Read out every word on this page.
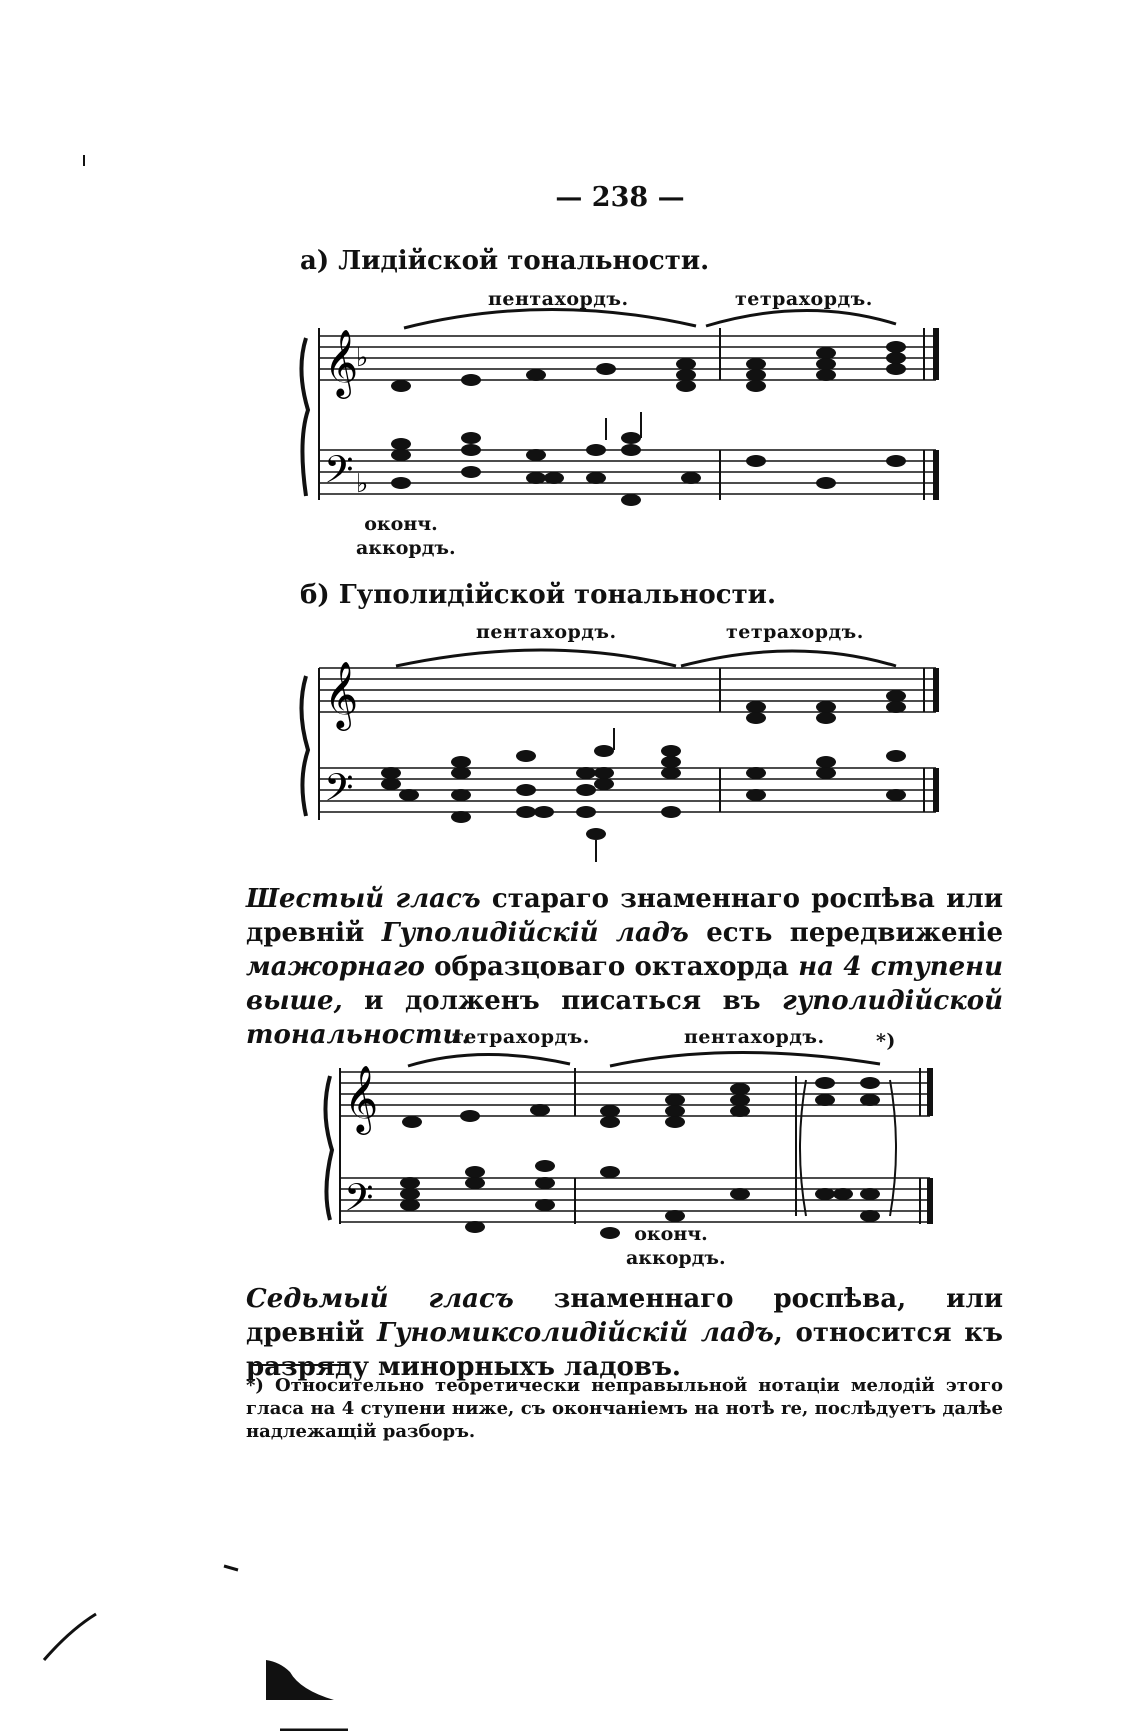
— 238 —
а) Лидійской тональности.
пентахордъ.	тетрахордъ.
𝄞
𝄢
♭
♭
оконч.
аккордъ.
б) Гупoлидійской тональности.
пентахордъ.	тетрахордъ.
𝄞
𝄢
Шестый гласъ стараго знаменнаго роспѣва или древній Гуполидійскій ладъ есть передвиженіе мажорнаго образцоваго октахорда на 4 ступени выше, и долженъ писаться въ гуполидійской тональности.
тетрахордъ.	пентахордъ.	*)
𝄞
𝄢
оконч.
аккордъ.
Седьмый гласъ знаменнаго роспѣва, или древній Гуномиксолидійскій ладъ, относится къ разряду минорныхъ ладовъ.
*) Относительно теоретически неправыльной нотаціи мелодій этого гласа на 4 ступени ниже, съ окончаніемъ на нотѣ re, послѣдуетъ далѣе надлежащій разборъ.
